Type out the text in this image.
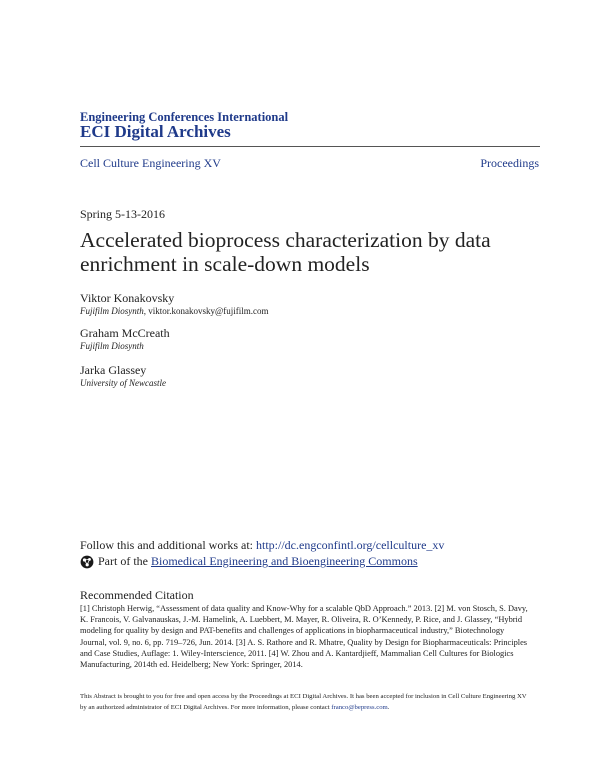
Engineering Conferences International
ECI Digital Archives
Cell Culture Engineering XV	Proceedings
Spring 5-13-2016
Accelerated bioprocess characterization by data enrichment in scale-down models
Viktor Konakovsky
Fujifilm Diosynth, viktor.konakovsky@fujifilm.com
Graham McCreath
Fujifilm Diosynth
Jarka Glassey
University of Newcastle
Follow this and additional works at: http://dc.engconfintl.org/cellculture_xv
Part of the
Biomedical Engineering and Bioengineering Commons
Recommended Citation
[1] Christoph Herwig, “Assessment of data quality and Know-Why for a scalable QbD Approach.” 2013. [2] M. von Stosch, S. Davy, K. Francois, V. Galvanauskas, J.-M. Hamelink, A. Luebbert, M. Mayer, R. Oliveira, R. O’Kennedy, P. Rice, and J. Glassey, “Hybrid modeling for quality by design and PAT-benefits and challenges of applications in biopharmaceutical industry,” Biotechnology Journal, vol. 9, no. 6, pp. 719–726, Jun. 2014. [3] A. S. Rathore and R. Mhatre, Quality by Design for Biopharmaceuticals: Principles and Case Studies, Auflage: 1. Wiley-Interscience, 2011. [4] W. Zhou and A. Kantardjieff, Mammalian Cell Cultures for Biologics Manufacturing, 2014th ed. Heidelberg; New York: Springer, 2014.
This Abstract is brought to you for free and open access by the Proceedings at ECI Digital Archives. It has been accepted for inclusion in Cell Culture Engineering XV by an authorized administrator of ECI Digital Archives. For more information, please contact franco@bepress.com.
